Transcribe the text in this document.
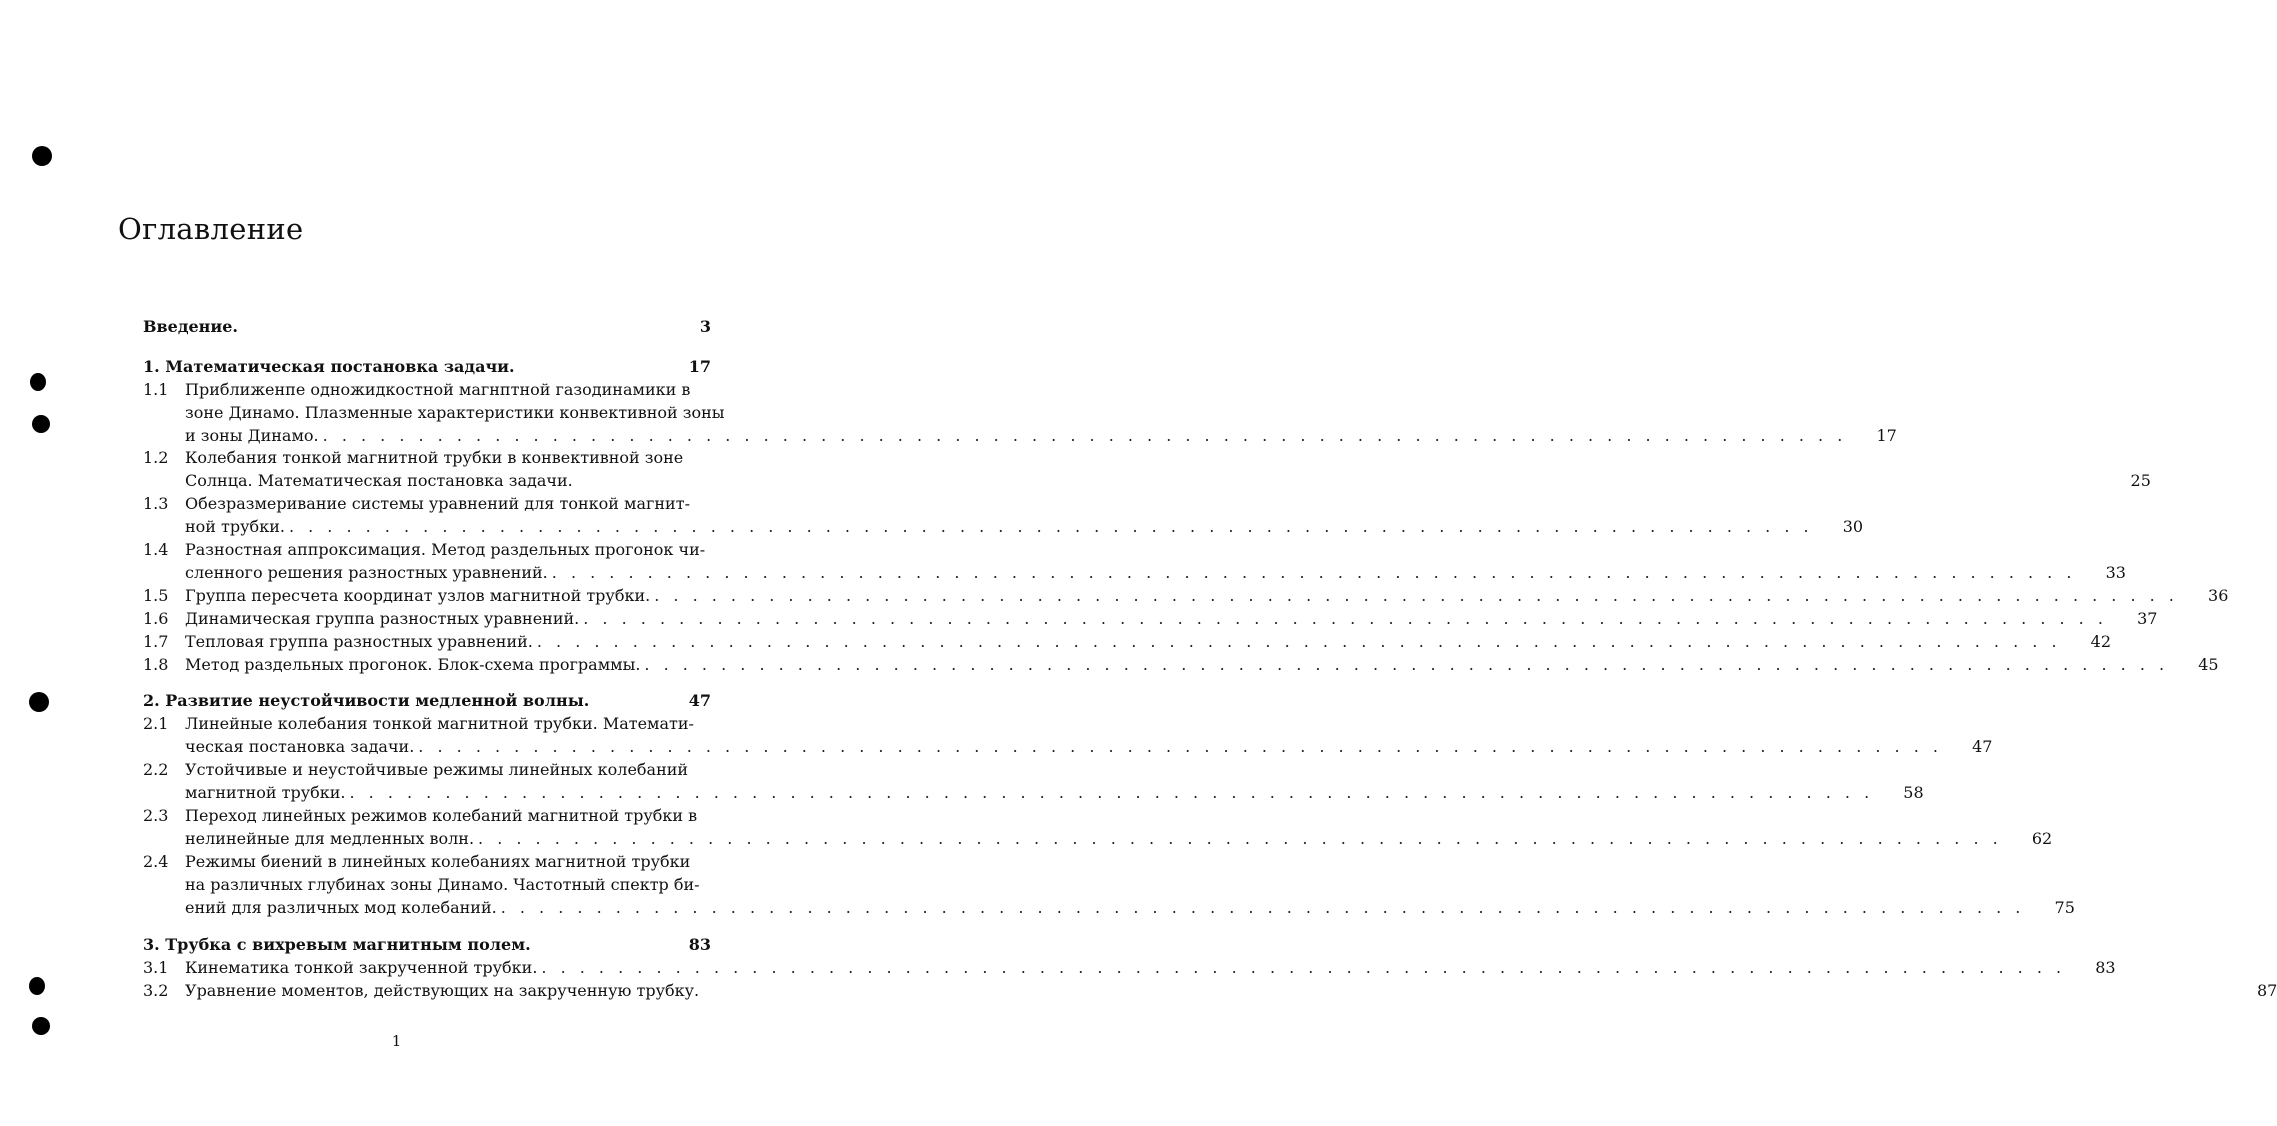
Оглавление
Введение.	3
1. Математическая постановка задачи.	17
1.1	Приближенпе одножидкостной магнптной газодинамики в
зоне Динамо. Плазменные характеристики конвективной зоны
и зоны Динамо. . . .	17
1.2	Колебания тонкой магнитной трубки в конвективной зоне
Солнца. Математическая постановка задачи.	25
1.3	Обезразмеривание системы уравнений для тонкой магнит-
ной трубки. . . .	30
1.4	Разностная аппроксимация. Метод раздельных прогонок чи-
сленного решения разностных уравнений. . . .	33
1.5	Группа пересчета координат узлов магнитной трубки. . . .	36
1.6	Динамическая группа разностных уравнений. . . .	37
1.7	Тепловая группа разностных уравнений. . . .	42
1.8	Метод раздельных прогонок. Блок-схема программы. . . .	45
2. Развитие неустойчивости медленной волны.	47
2.1	Линейные колебания тонкой магнитной трубки. Математи-
ческая постановка задачи. . . .	47
2.2	Устойчивые и неустойчивые режимы линейных колебаний
магнитной трубки. . . .	58
2.3	Переход линейных режимов колебаний магнитной трубки в
нелинейные для медленных волн. . . .	62
2.4	Режимы биений в линейных колебаниях магнитной трубки
на различных глубинах зоны Динамо. Частотный спектр би-
ений для различных мод колебаний. . . .	75
3. Трубка с вихревым магнитным полем.	83
3.1	Кинематика тонкой закрученной трубки. . . .	83
3.2	Уравнение моментов, действующих на закрученную трубку.	87
1
